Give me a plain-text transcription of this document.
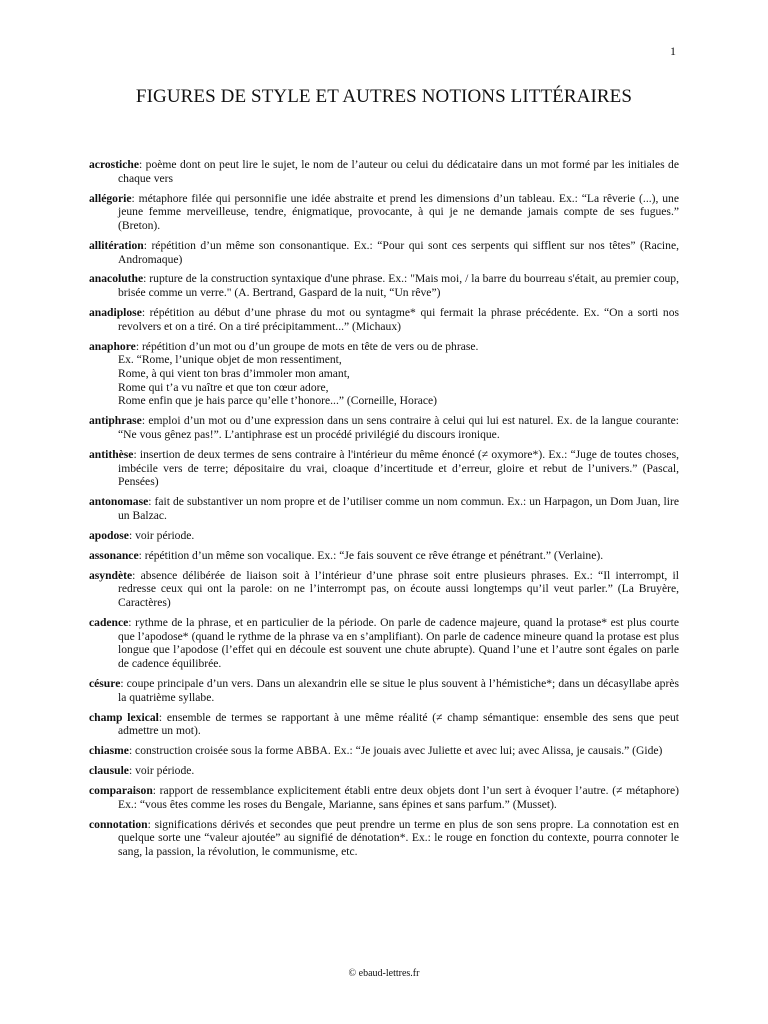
1
FIGURES DE STYLE ET AUTRES NOTIONS LITTÉRAIRES
acrostiche: poème dont on peut lire le sujet, le nom de l’auteur ou celui du dédicataire dans un mot formé par les initiales de chaque vers
allégorie: métaphore filée qui personnifie une idée abstraite et prend les dimensions d’un tableau. Ex.: “La rêverie (...), une jeune femme merveilleuse, tendre, énigmatique, provocante, à qui je ne demande jamais compte de ses fugues.” (Breton).
allitération: répétition d’un même son consonantique. Ex.: “Pour qui sont ces serpents qui sifflent sur nos têtes” (Racine, Andromaque)
anacoluthe: rupture de la construction syntaxique d'une phrase. Ex.: "Mais moi, / la barre du bourreau s'était, au premier coup, brisée comme un verre." (A. Bertrand, Gaspard de la nuit, “Un rêve”)
anadiplose: répétition au début d’une phrase du mot ou syntagme* qui fermait la phrase précédente. Ex. “On a sorti nos revolvers et on a tiré. On a tiré précipitamment...” (Michaux)
anaphore: répétition d’un mot ou d’un groupe de mots en tête de vers ou de phrase.
Ex. “Rome, l’unique objet de mon ressentiment,
Rome, à qui vient ton bras d’immoler mon amant,
Rome qui t’a vu naître et que ton cœur adore,
Rome enfin que je hais parce qu’elle t’honore...” (Corneille, Horace)
antiphrase: emploi d’un mot ou d’une expression dans un sens contraire à celui qui lui est naturel. Ex. de la langue courante: “Ne vous gênez pas!”. L’antiphrase est un procédé privilégié du discours ironique.
antithèse: insertion de deux termes de sens contraire à l'intérieur du même énoncé (≠ oxymore*). Ex.: “Juge de toutes choses, imbécile vers de terre; dépositaire du vrai, cloaque d’incertitude et d’erreur, gloire et rebut de l’univers.” (Pascal, Pensées)
antonomase: fait de substantiver un nom propre et de l’utiliser comme un nom commun. Ex.: un Harpagon, un Dom Juan, lire un Balzac.
apodose: voir période.
assonance: répétition d’un même son vocalique. Ex.: “Je fais souvent ce rêve étrange et pénétrant.” (Verlaine).
asyndète: absence délibérée de liaison soit à l’intérieur d’une phrase soit entre plusieurs phrases. Ex.: “Il interrompt, il redresse ceux qui ont la parole: on ne l’interrompt pas, on écoute aussi longtemps qu’il veut parler.” (La Bruyère, Caractères)
cadence: rythme de la phrase, et en particulier de la période. On parle de cadence majeure, quand la protase* est plus courte que l’apodose* (quand le rythme de la phrase va en s’amplifiant). On parle de cadence mineure quand la protase est plus longue que l’apodose (l’effet qui en découle est souvent une chute abrupte). Quand l’une et l’autre sont égales on parle de cadence équilibrée.
césure: coupe principale d’un vers. Dans un alexandrin elle se situe le plus souvent à l’hémistiche*; dans un décasyllabe après la quatrième syllabe.
champ lexical: ensemble de termes se rapportant à une même réalité (≠ champ sémantique: ensemble des sens que peut admettre un mot).
chiasme: construction croisée sous la forme ABBA. Ex.: “Je jouais avec Juliette et avec lui; avec Alissa, je causais.” (Gide)
clausule: voir période.
comparaison: rapport de ressemblance explicitement établi entre deux objets dont l’un sert à évoquer l’autre. (≠ métaphore) Ex.: “vous êtes comme les roses du Bengale, Marianne, sans épines et sans parfum.” (Musset).
connotation: significations dérivés et secondes que peut prendre un terme en plus de son sens propre. La connotation est en quelque sorte une “valeur ajoutée” au signifié de dénotation*. Ex.: le rouge en fonction du contexte, pourra connoter le sang, la passion, la révolution, le communisme, etc.
© ebaud-lettres.fr
